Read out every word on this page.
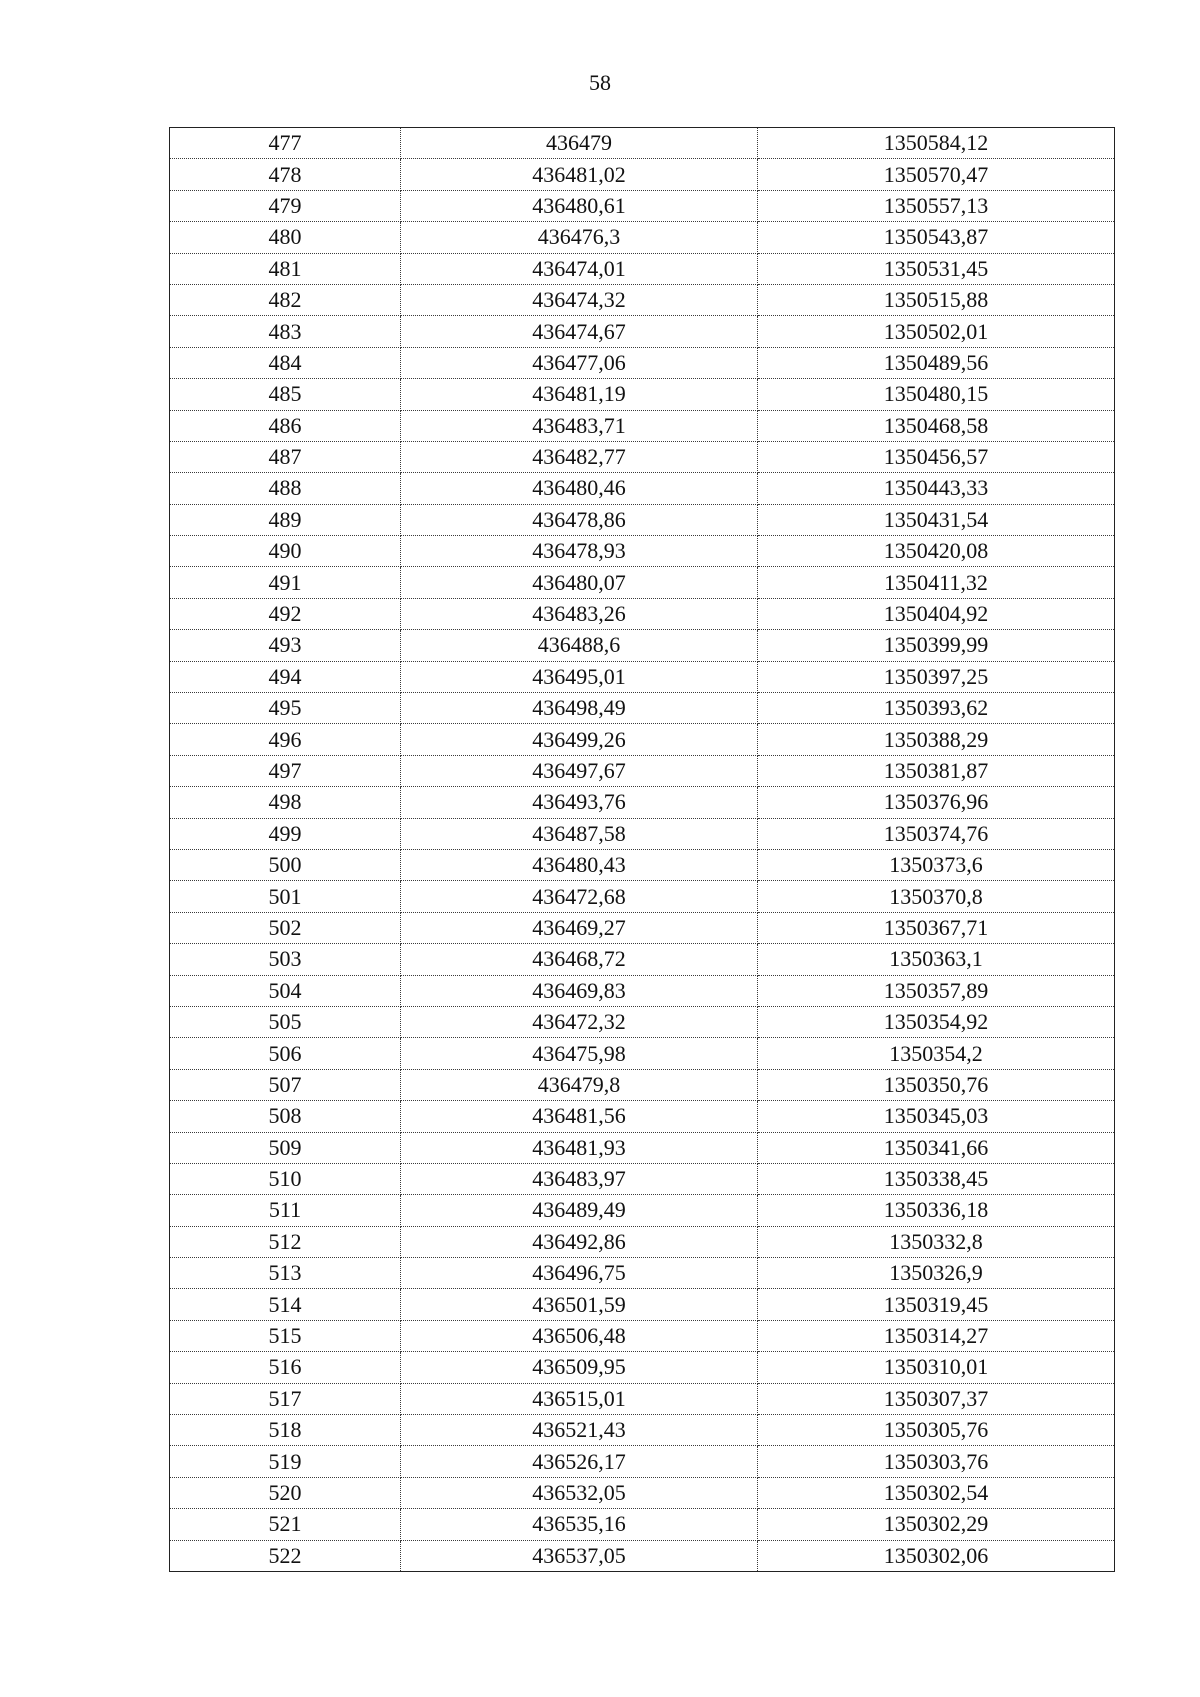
58
477	436479	1350584,12
478	436481,02	1350570,47
479	436480,61	1350557,13
480	436476,3	1350543,87
481	436474,01	1350531,45
482	436474,32	1350515,88
483	436474,67	1350502,01
484	436477,06	1350489,56
485	436481,19	1350480,15
486	436483,71	1350468,58
487	436482,77	1350456,57
488	436480,46	1350443,33
489	436478,86	1350431,54
490	436478,93	1350420,08
491	436480,07	1350411,32
492	436483,26	1350404,92
493	436488,6	1350399,99
494	436495,01	1350397,25
495	436498,49	1350393,62
496	436499,26	1350388,29
497	436497,67	1350381,87
498	436493,76	1350376,96
499	436487,58	1350374,76
500	436480,43	1350373,6
501	436472,68	1350370,8
502	436469,27	1350367,71
503	436468,72	1350363,1
504	436469,83	1350357,89
505	436472,32	1350354,92
506	436475,98	1350354,2
507	436479,8	1350350,76
508	436481,56	1350345,03
509	436481,93	1350341,66
510	436483,97	1350338,45
511	436489,49	1350336,18
512	436492,86	1350332,8
513	436496,75	1350326,9
514	436501,59	1350319,45
515	436506,48	1350314,27
516	436509,95	1350310,01
517	436515,01	1350307,37
518	436521,43	1350305,76
519	436526,17	1350303,76
520	436532,05	1350302,54
521	436535,16	1350302,29
522	436537,05	1350302,06
